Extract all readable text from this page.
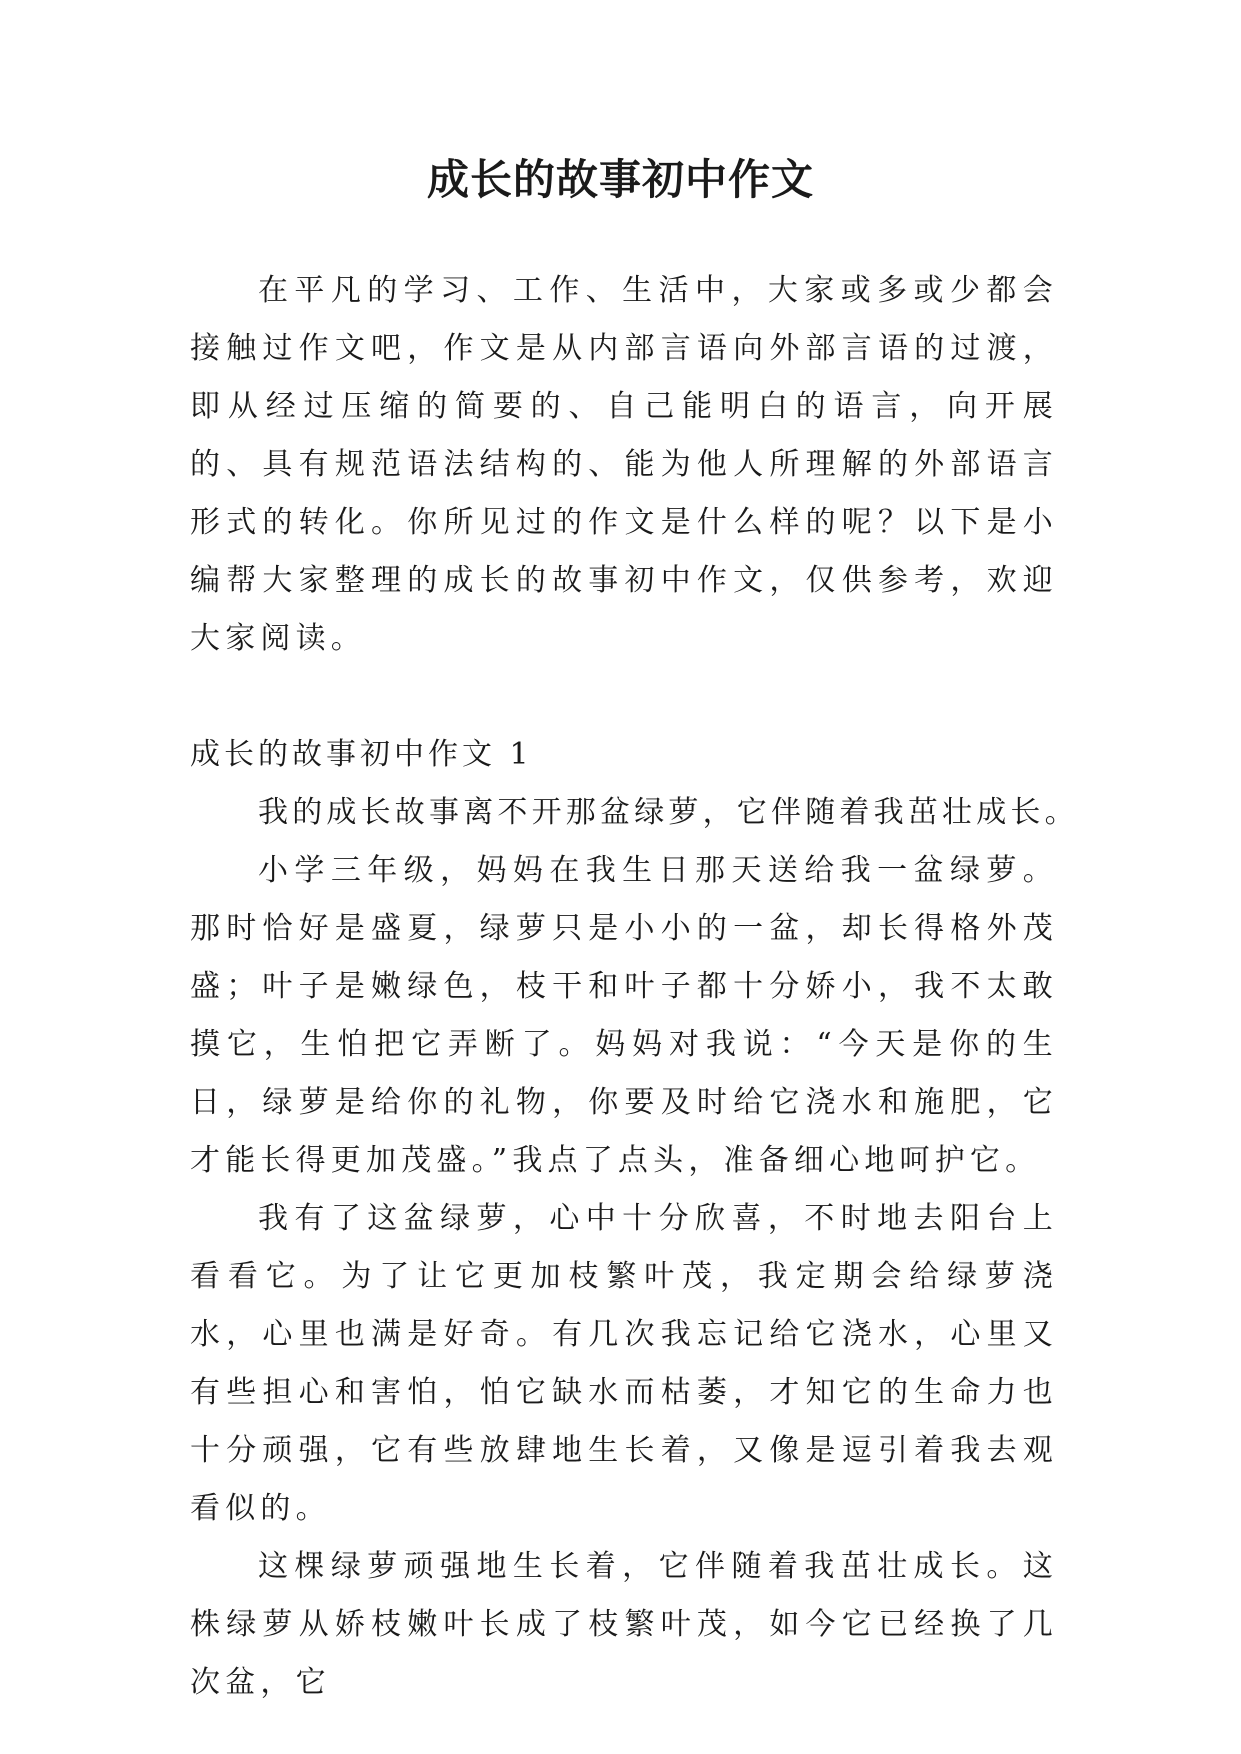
成长的故事初中作文

在平凡的学习、工作、生活中，大家或多或少都会接触过作文吧，作文是从内部言语向外部言语的过渡，即从经过压缩的简要的、自己能明白的语言，向开展的、具有规范语法结构的、能为他人所理解的外部语言形式的转化。你所见过的作文是什么样的呢？以下是小编帮大家整理的成长的故事初中作文，仅供参考，欢迎大家阅读。

成长的故事初中作文 1

我的成长故事离不开那盆绿萝，它伴随着我茁壮成长。

小学三年级，妈妈在我生日那天送给我一盆绿萝。那时恰好是盛夏，绿萝只是小小的一盆，却长得格外茂盛；叶子是嫩绿色，枝干和叶子都十分娇小，我不太敢摸它，生怕把它弄断了。妈妈对我说：“今天是你的生日，绿萝是给你的礼物，你要及时给它浇水和施肥，它才能长得更加茂盛。”我点了点头，准备细心地呵护它。

我有了这盆绿萝，心中十分欣喜，不时地去阳台上看看它。为了让它更加枝繁叶茂，我定期会给绿萝浇水，心里也满是好奇。有几次我忘记给它浇水，心里又有些担心和害怕，怕它缺水而枯萎，才知它的生命力也十分顽强，它有些放肆地生长着，又像是逗引着我去观看似的。

这棵绿萝顽强地生长着，它伴随着我茁壮成长。这株绿萝从娇枝嫩叶长成了枝繁叶茂，如今它已经换了几次盆，它
